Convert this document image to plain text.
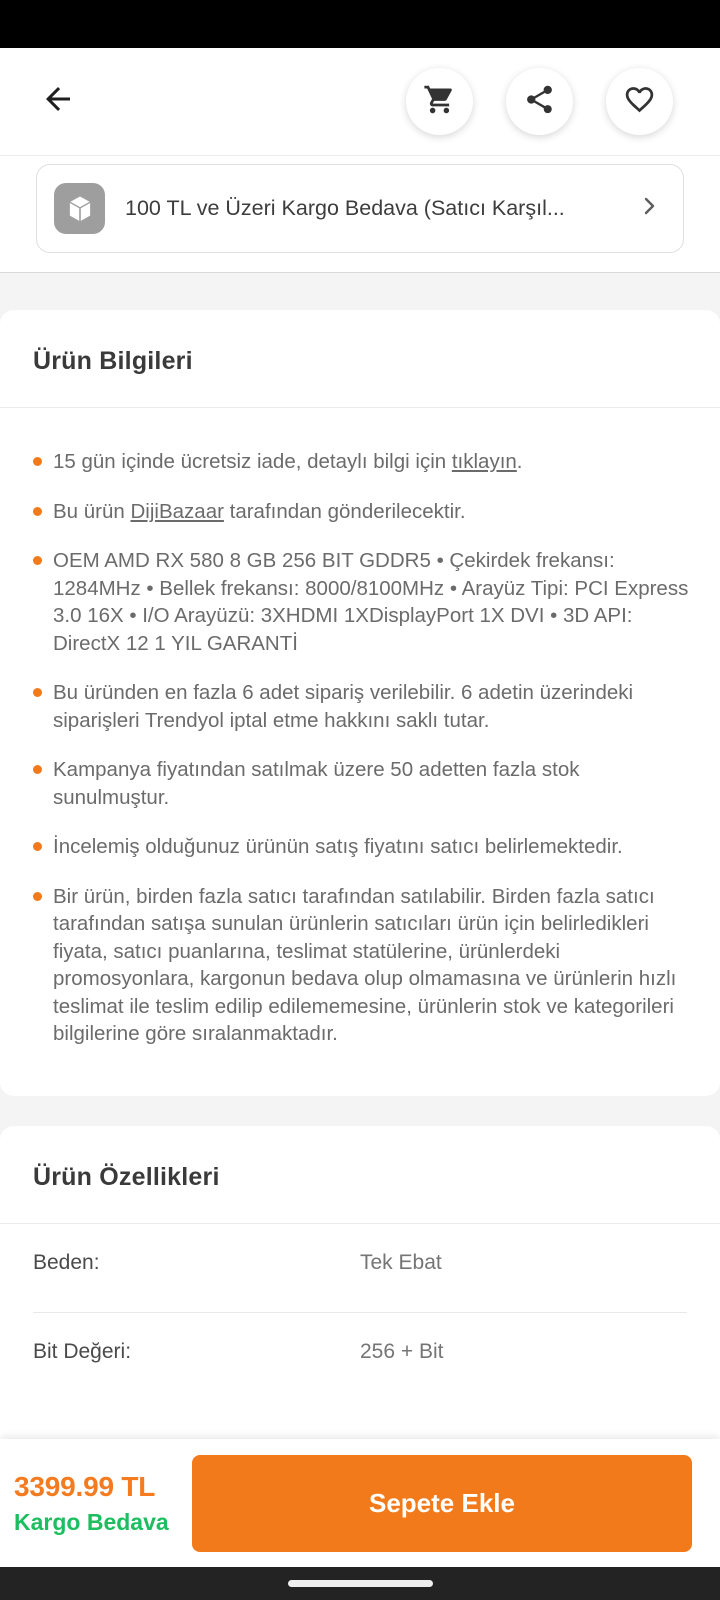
100 TL ve Üzeri Kargo Bedava (Satıcı Karşıl...
Ürün Bilgileri

15 gün içinde ücretsiz iade, detaylı bilgi için tıklayın.

Bu ürün DijiBazaar tarafından gönderilecektir.

OEM AMD RX 580 8 GB 256 BIT GDDR5 • Çekirdek frekansı: 1284MHz • Bellek frekansı: 8000/8100MHz • Arayüz Tipi: PCI Express 3.0 16X • I/O Arayüzü: 3XHDMI 1XDisplayPort 1X DVI • 3D API: DirectX 12 1 YIL GARANTİ

Bu üründen en fazla 6 adet sipariş verilebilir. 6 adetin üzerindeki siparişleri Trendyol iptal etme hakkını saklı tutar.

Kampanya fiyatından satılmak üzere 50 adetten fazla stok sunulmuştur.

İncelemiş olduğunuz ürünün satış fiyatını satıcı belirlemektedir.

Bir ürün, birden fazla satıcı tarafından satılabilir. Birden fazla satıcı tarafından satışa sunulan ürünlerin satıcıları ürün için belirledikleri fiyata, satıcı puanlarına, teslimat statülerine, ürünlerdeki promosyonlara, kargonun bedava olup olmamasına ve ürünlerin hızlı teslimat ile teslim edilip edilememesine, ürünlerin stok ve kategorileri bilgilerine göre sıralanmaktadır.

Ürün Özellikleri
Beden:	Tek Ebat
Bit Değeri:	256 + Bit
3399.99 TL
Kargo Bedava
Sepete Ekle
